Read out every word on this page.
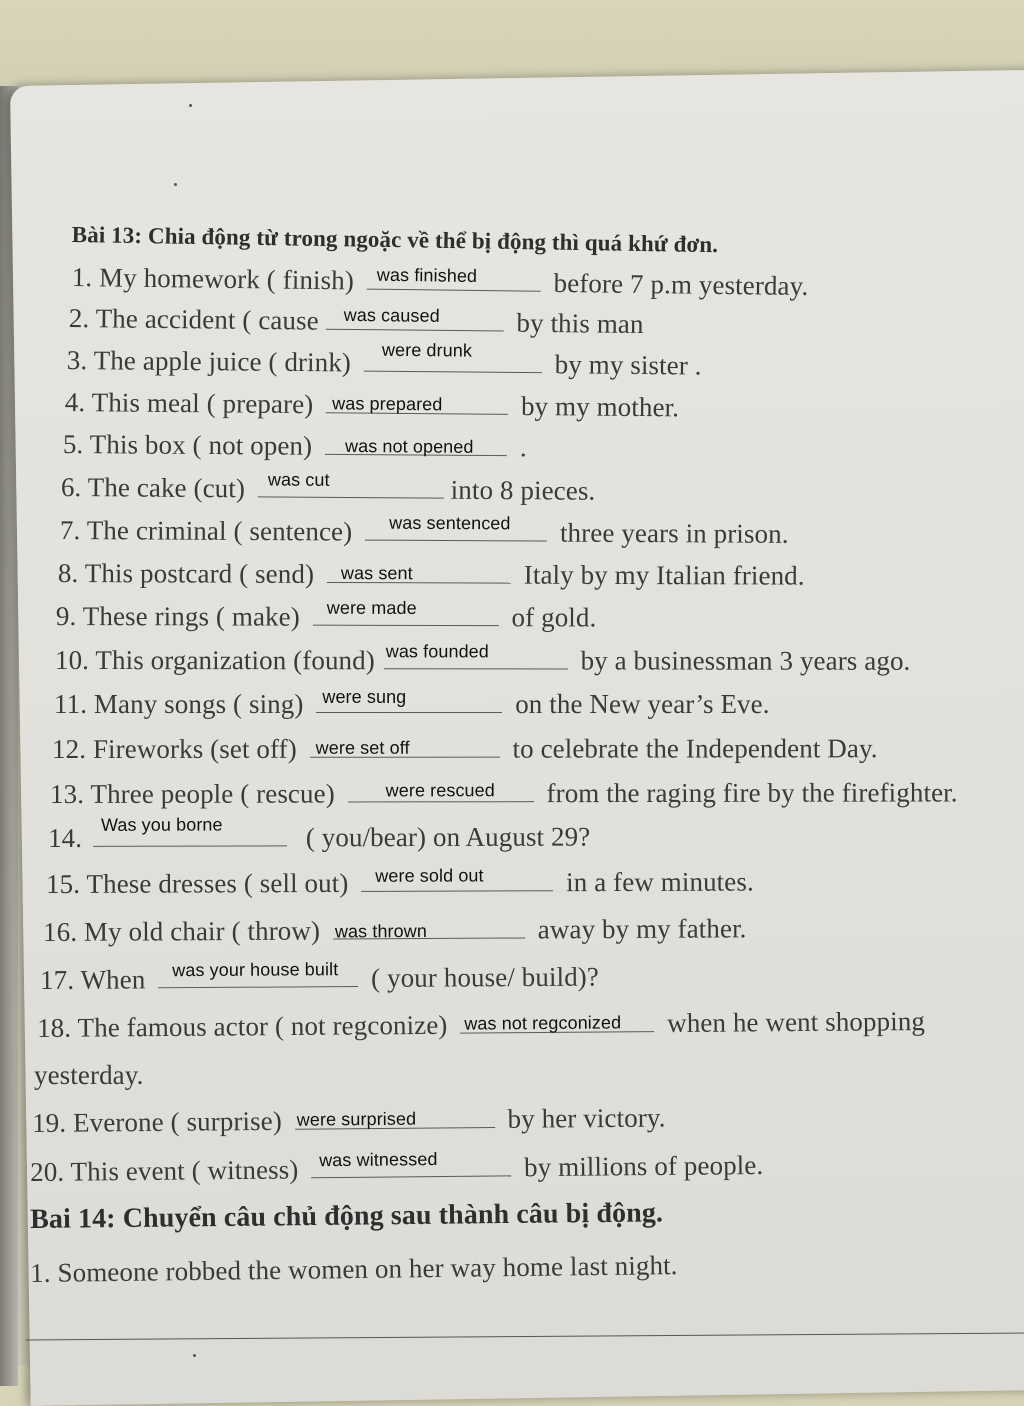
Bài 13: Chia động từ trong ngoặc về thể bị động thì quá khứ đơn.
1. My homework ( finish) was finished	before 7 p.m yesterday.
2. The accident ( cause was caused	by this man
3. The apple juice ( drink) were drunk	by my sister .
4. This meal ( prepare) was prepared	by my mother.
5. This box ( not open) was not opened .
6. The cake (cut) was cut	into 8 pieces.
7. The criminal ( sentence) was sentenced three years in prison.
8. This postcard ( send) was sent	Italy by my Italian friend.
9. These rings ( make) were made	of gold.
10. This organization (found) was founded	by a businessman 3 years ago.
11. Many songs ( sing) were sung	on the New year’s Eve.
12. Fireworks (set off) were set off	to celebrate the Independent Day.
13. Three people ( rescue)	were rescued from the raging fire by the firefighter.
14. Was you borne	( you/bear) on August 29?
15. These dresses ( sell out) were sold out	in a few minutes.
16. My old chair ( throw) was thrown	away by my father.
17. When was your house built ( your house/ build)?
18. The famous actor ( not regconize) was not regconized when he went shopping
yesterday.
19. Everone ( surprise) were surprised	by her victory.
20. This event ( witness) was witnessed	by millions of people.
Bai 14: Chuyển câu chủ động sau thành câu bị động.
1. Someone robbed the women on her way home last night.
